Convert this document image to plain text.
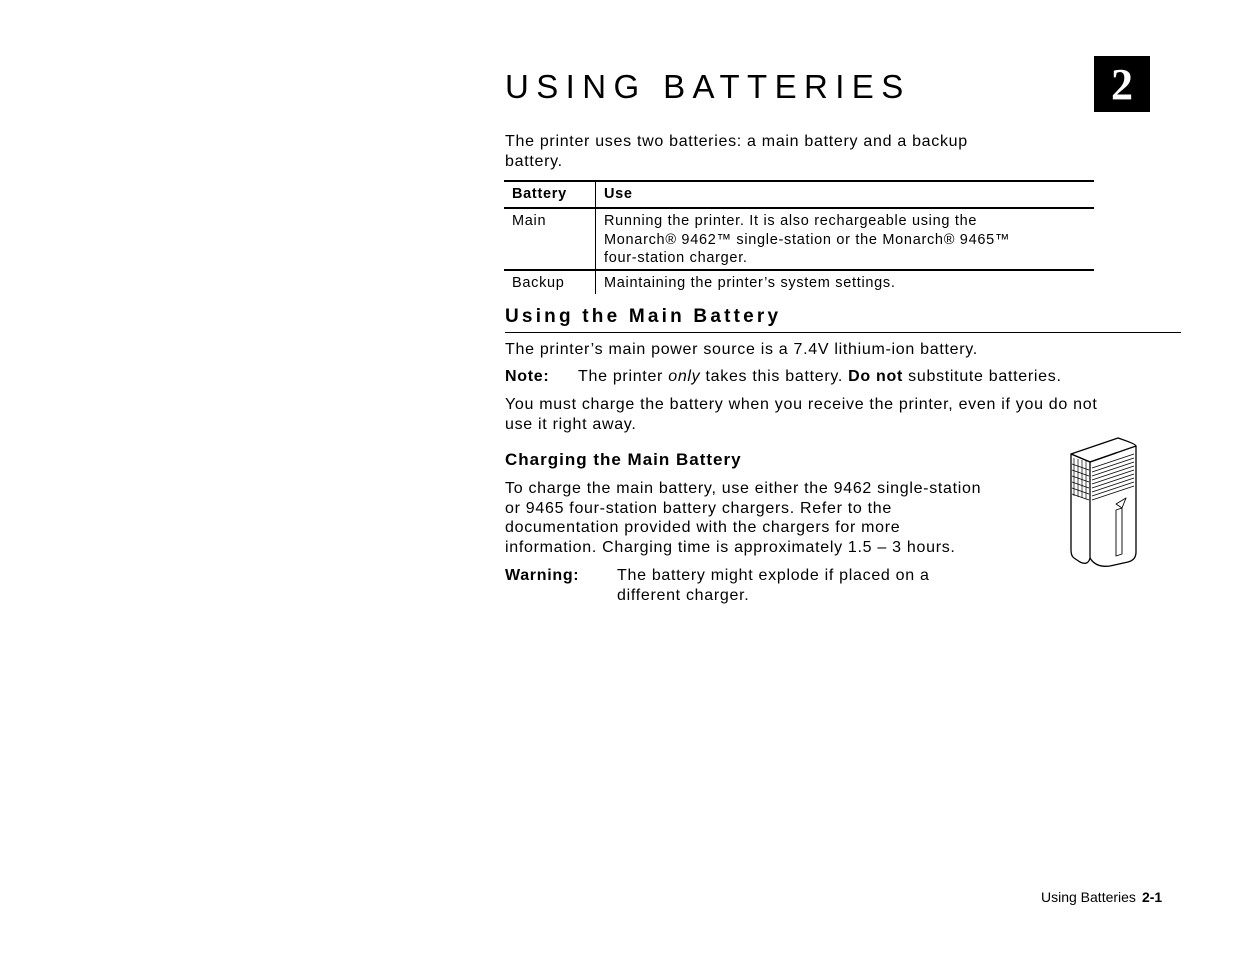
USING BATTERIES	2
The printer uses two batteries: a main battery and a backup
battery.
Battery	Use
Main	Running the printer. It is also rechargeable using the
Monarch® 9462™ single-station or the Monarch® 9465™
four-station charger.

Backup	Maintaining the printer’s system settings.
Using the Main Battery
The printer’s main power source is a 7.4V lithium-ion battery.
Note: The printer only takes this battery. Do not substitute batteries.
You must charge the battery when you receive the printer, even if you do not
use it right away.
Charging the Main Battery
To charge the main battery, use either the 9462 single-station
or 9465 four-station battery chargers. Refer to the
documentation provided with the chargers for more
information. Charging time is approximately 1.5 – 3 hours.
Warning: The battery might explode if placed on a
different charger.
Using Batteries 2-1
